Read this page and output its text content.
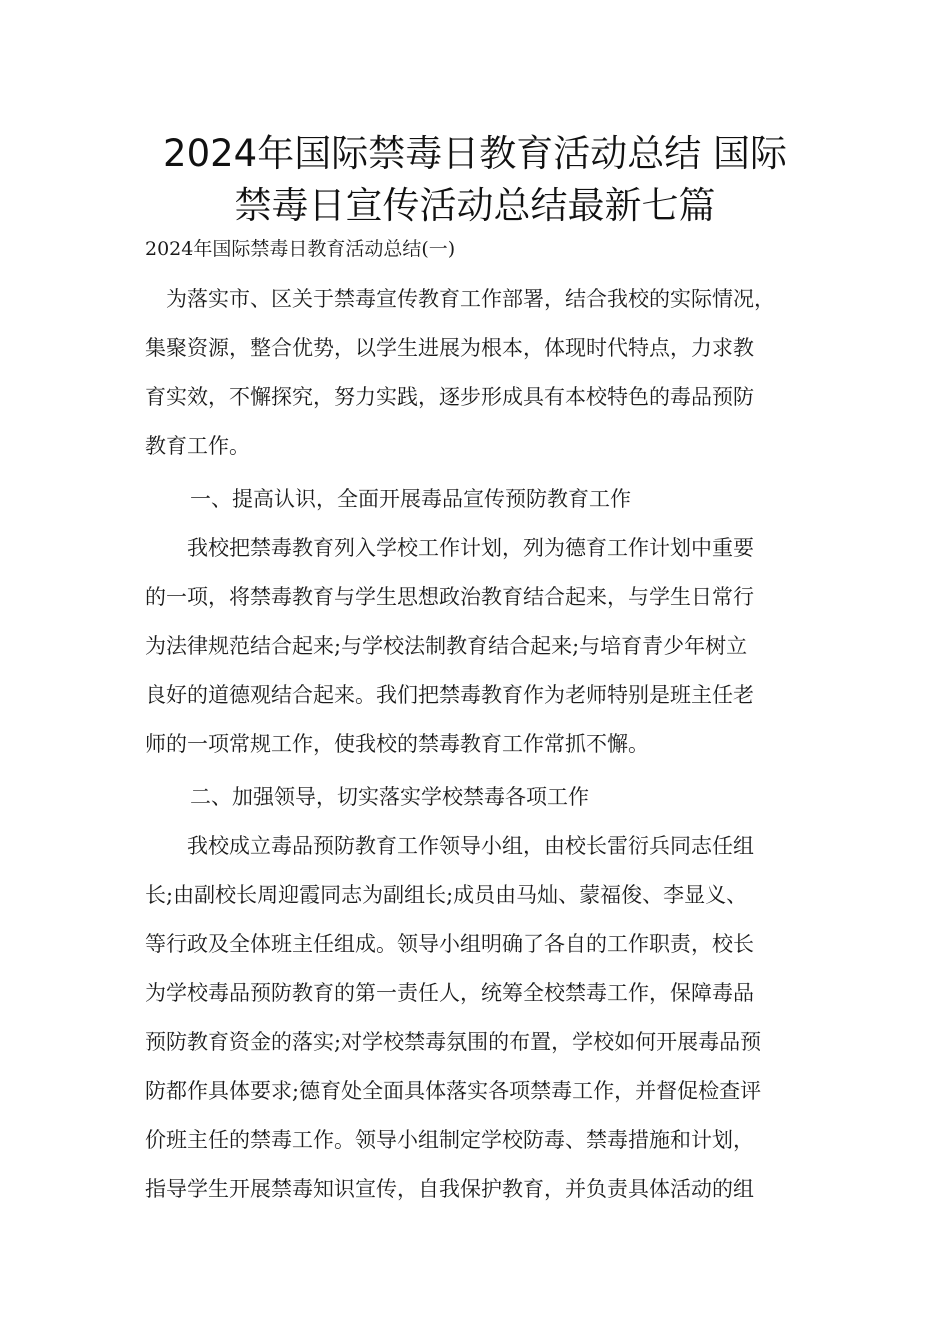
2024年国际禁毒日教育活动总结 国际
禁毒日宣传活动总结最新七篇

2024年国际禁毒日教育活动总结(一)

　为落实市、区关于禁毒宣传教育工作部署，结合我校的实际情况，
集聚资源，整合优势，以学生进展为根本，体现时代特点，力求教
育实效，不懈探究，努力实践，逐步形成具有本校特色的毒品预防
教育工作。

一、提高认识，全面开展毒品宣传预防教育工作

　　我校把禁毒教育列入学校工作计划，列为德育工作计划中重要
的一项，将禁毒教育与学生思想政治教育结合起来，与学生日常行
为法律规范结合起来;与学校法制教育结合起来;与培育青少年树立
良好的道德观结合起来。我们把禁毒教育作为老师特别是班主任老
师的一项常规工作，使我校的禁毒教育工作常抓不懈。

二、加强领导，切实落实学校禁毒各项工作

　　我校成立毒品预防教育工作领导小组，由校长雷衍兵同志任组
长;由副校长周迎霞同志为副组长;成员由马灿、蒙福俊、李显义、
等行政及全体班主任组成。领导小组明确了各自的工作职责，校长
为学校毒品预防教育的第一责任人，统筹全校禁毒工作，保障毒品
预防教育资金的落实;对学校禁毒氛围的布置，学校如何开展毒品预
防都作具体要求;德育处全面具体落实各项禁毒工作，并督促检查评
价班主任的禁毒工作。领导小组制定学校防毒、禁毒措施和计划，
指导学生开展禁毒知识宣传，自我保护教育，并负责具体活动的组
